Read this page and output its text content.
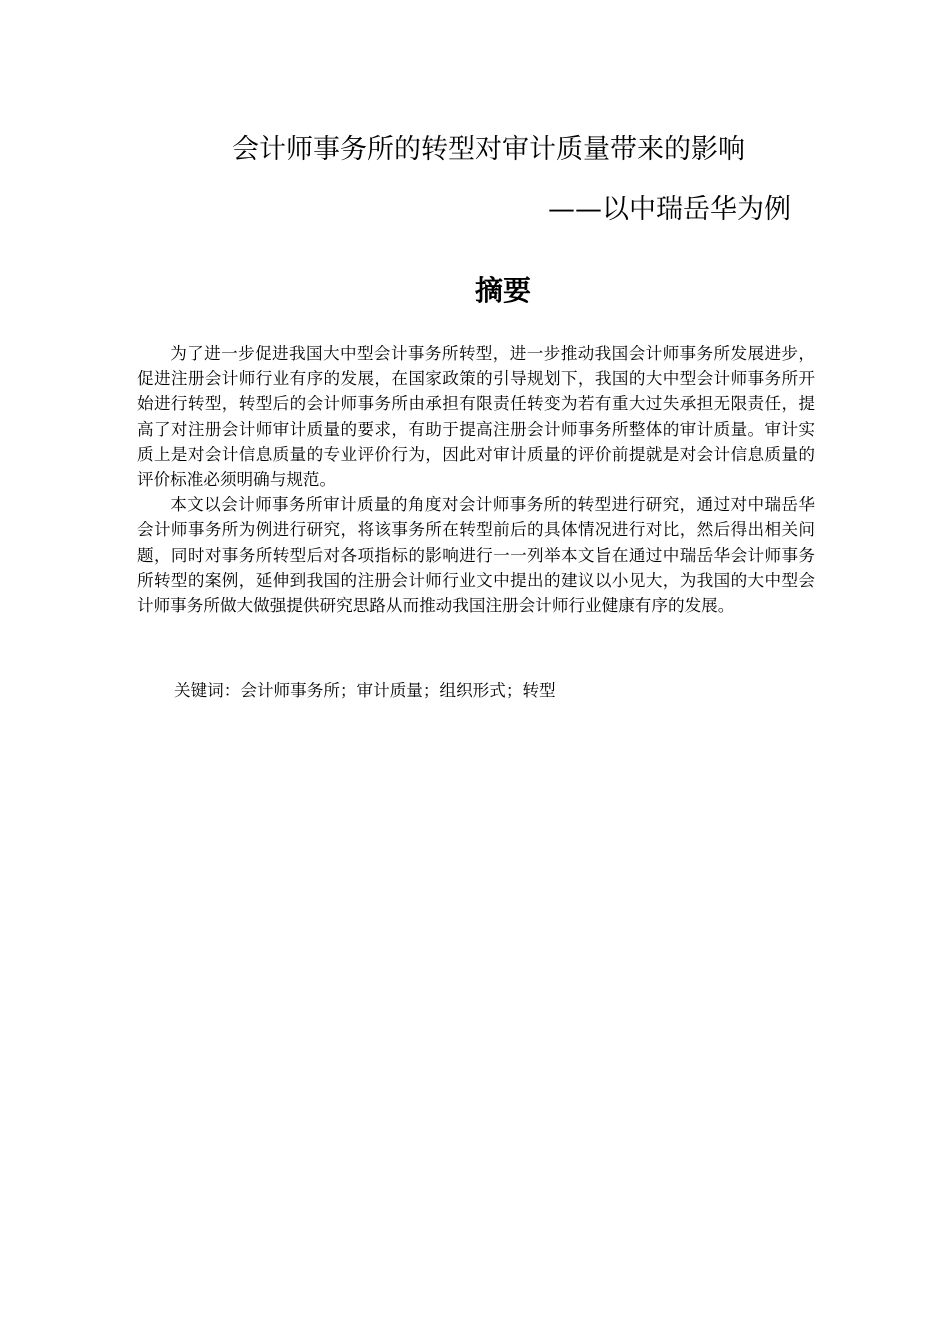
会计师事务所的转型对审计质量带来的影响
——以中瑞岳华为例
摘要

为了进一步促进我国大中型会计事务所转型，进一步推动我国会计师事务所发展进步，促进注册会计师行业有序的发展，在国家政策的引导规划下，我国的大中型会计师事务所开始进行转型，转型后的会计师事务所由承担有限责任转变为若有重大过失承担无限责任，提高了对注册会计师审计质量的要求，有助于提高注册会计师事务所整体的审计质量。审计实质上是对会计信息质量的专业评价行为，因此对审计质量的评价前提就是对会计信息质量的评价标准必须明确与规范。

本文以会计师事务所审计质量的角度对会计师事务所的转型进行研究，通过对中瑞岳华会计师事务所为例进行研究，将该事务所在转型前后的具体情况进行对比，然后得出相关问题，同时对事务所转型后对各项指标的影响进行一一列举本文旨在通过中瑞岳华会计师事务所转型的案例，延伸到我国的注册会计师行业文中提出的建议以小见大，为我国的大中型会计师事务所做大做强提供研究思路从而推动我国注册会计师行业健康有序的发展。

关键词：会计师事务所；审计质量；组织形式；转型
